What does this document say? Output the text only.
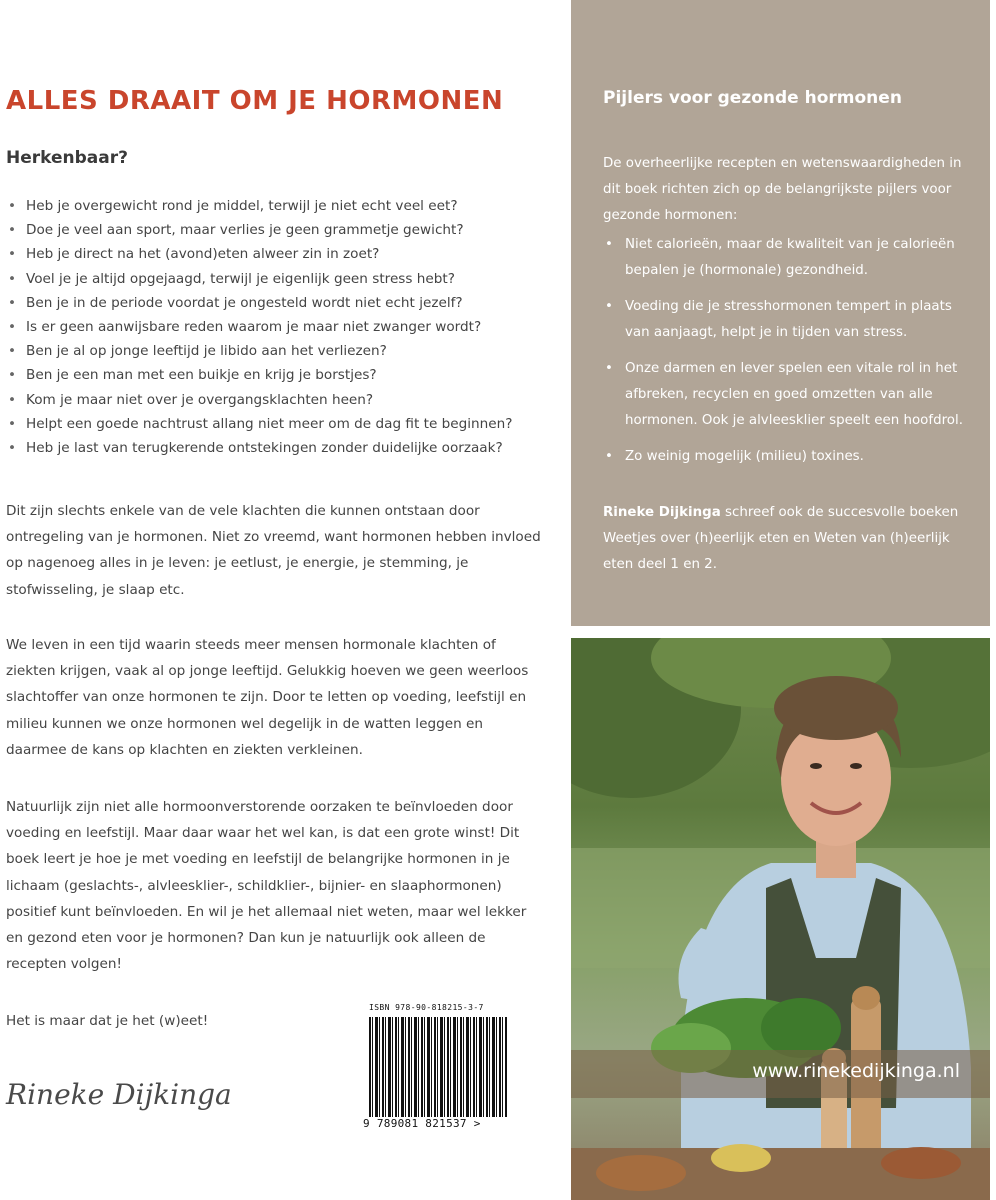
ALLES DRAAIT OM JE HORMONEN
Herkenbaar?
• Heb je overgewicht rond je middel, terwijl je niet echt veel eet?
• Doe je veel aan sport, maar verlies je geen grammetje gewicht?
• Heb je direct na het (avond)eten alweer zin in zoet?
• Voel je je altijd opgejaagd, terwijl je eigenlijk geen stress hebt?
• Ben je in de periode voordat je ongesteld wordt niet echt jezelf?
• Is er geen aanwijsbare reden waarom je maar niet zwanger wordt?
• Ben je al op jonge leeftijd je libido aan het verliezen?
• Ben je een man met een buikje en krijg je borstjes?
• Kom je maar niet over je overgangsklachten heen?
• Helpt een goede nachtrust allang niet meer om de dag fit te beginnen?
• Heb je last van terugkerende ontstekingen zonder duidelijke oorzaak?

Dit zijn slechts enkele van de vele klachten die kunnen ontstaan door ontregeling van je hormonen. Niet zo vreemd, want hormonen hebben invloed op nagenoeg alles in je leven: je eetlust, je energie, je stemming, je stofwisseling, je slaap etc.

We leven in een tijd waarin steeds meer mensen hormonale klachten of ziekten krijgen, vaak al op jonge leeftijd. Gelukkig hoeven we geen weerloos slachtoffer van onze hormonen te zijn. Door te letten op voeding, leefstijl en milieu kunnen we onze hormonen wel degelijk in de watten leggen en daarmee de kans op klachten en ziekten verkleinen.

Natuurlijk zijn niet alle hormoonverstorende oorzaken te beïnvloeden door voeding en leefstijl. Maar daar waar het wel kan, is dat een grote winst! Dit boek leert je hoe je met voeding en leefstijl de belangrijke hormonen in je lichaam (geslachts-, alvleesklier-, schildklier-, bijnier- en slaaphormonen) positief kunt beïnvloeden. En wil je het allemaal niet weten, maar wel lekker en gezond eten voor je hormonen? Dan kun je natuurlijk ook alleen de recepten volgen!

Het is maar dat je het (w)eet!

Rineke Dijkinga

ISBN 978-90-818215-3-7
9 789081 821537 >
Pijlers voor gezonde hormonen

De overheerlijke recepten en wetenswaardigheden in dit boek richten zich op de belangrijkste pijlers voor gezonde hormonen:

• Niet calorieën, maar de kwaliteit van je calorieën bepalen je (hormonale) gezondheid.
• Voeding die je stresshormonen tempert in plaats van aanjaagt, helpt je in tijden van stress.
• Onze darmen en lever spelen een vitale rol in het afbreken, recyclen en goed omzetten van alle hormonen. Ook je alvleesklier speelt een hoofdrol.
• Zo weinig mogelijk (milieu) toxines.

Rineke Dijkinga schreef ook de succesvolle boeken Weetjes over (h)eerlijk eten en Weten van (h)eerlijk eten deel 1 en 2.

www.rinekedijkinga.nl
